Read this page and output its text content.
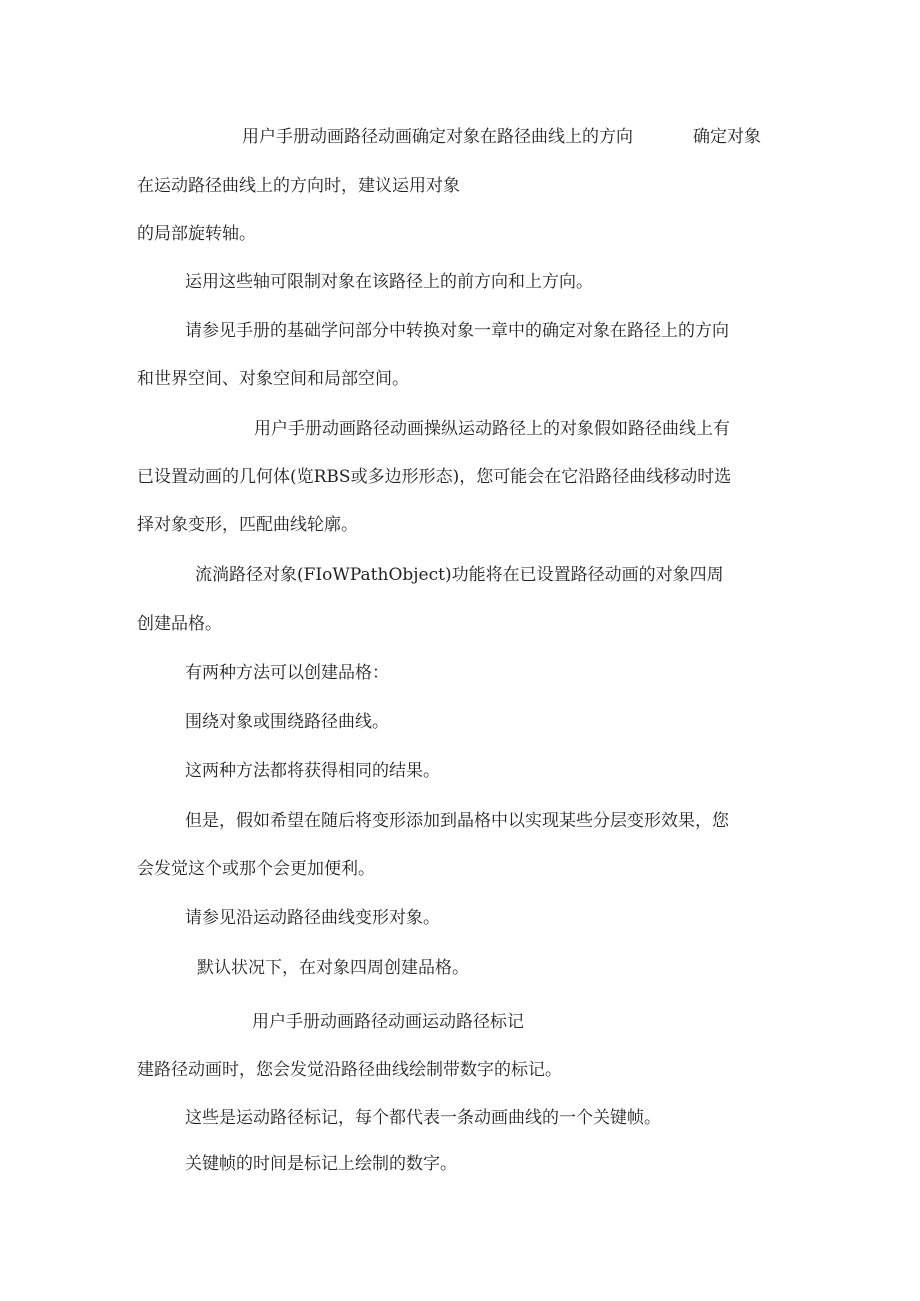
用户手册动画路径动画确定对象在路径曲线上的方向	确定对象
在运动路径曲线上的方向时，建议运用对象
的局部旋转轴。
运用这些轴可限制对象在该路径上的前方向和上方向。
请参见手册的基础学问部分中转换对象一章中的确定对象在路径上的方向
和世界空间、对象空间和局部空间。
用户手册动画路径动画操纵运动路径上的对象假如路径曲线上有
已设置动画的几何体(览RBS或多边形形态)，您可能会在它沿路径曲线移动时选
择对象变形，匹配曲线轮廓。
流淌路径对象(FIoWPathObject)功能将在已设置路径动画的对象四周
创建品格。
有两种方法可以创建品格：
围绕对象或围绕路径曲线。
这两种方法都将获得相同的结果。
但是，假如希望在随后将变形添加到晶格中以实现某些分层变形效果，您
会发觉这个或那个会更加便利。
请参见沿运动路径曲线变形对象。
默认状况下，在对象四周创建品格。
用户手册动画路径动画运动路径标记
建路径动画时，您会发觉沿路径曲线绘制带数字的标记。
这些是运动路径标记，每个都代表一条动画曲线的一个关键帧。
关键帧的时间是标记上绘制的数字。
